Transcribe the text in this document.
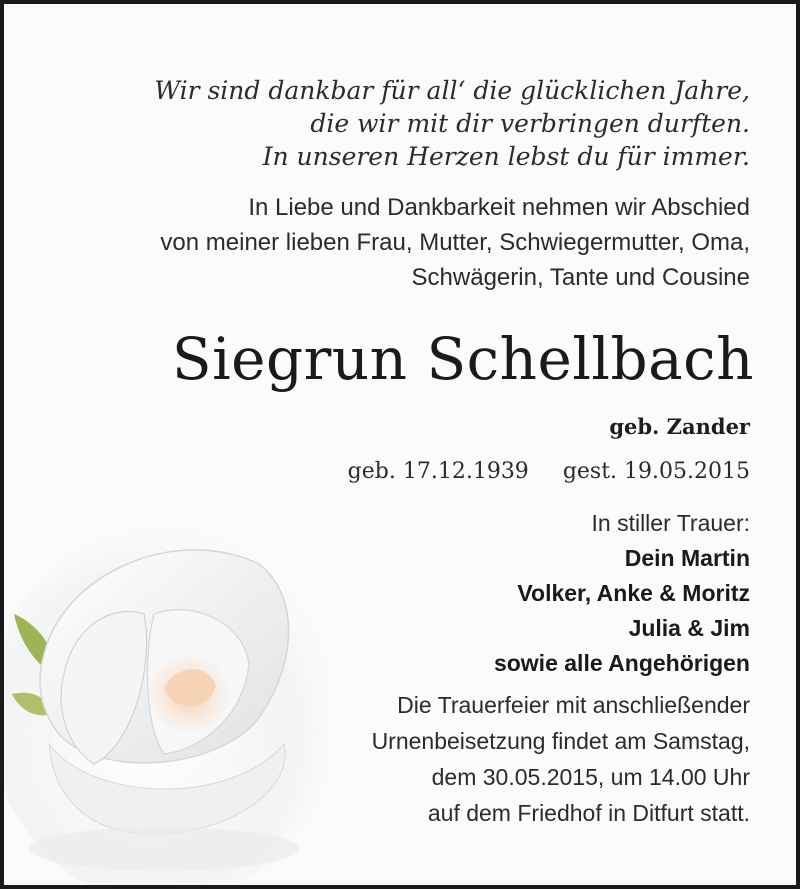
Wir sind dankbar für all‘ die glücklichen Jahre,
die wir mit dir verbringen durften.
In unseren Herzen lebst du für immer.
In Liebe und Dankbarkeit nehmen wir Abschied
von meiner lieben Frau, Mutter, Schwiegermutter, Oma,
Schwägerin, Tante und Cousine
Siegrun Schellbach
geb. Zander
geb. 17.12.1939 gest. 19.05.2015
In stiller Trauer:
Dein Martin
Volker, Anke & Moritz
Julia & Jim
sowie alle Angehörigen
Die Trauerfeier mit anschließender
Urnenbeisetzung findet am Samstag,
dem 30.05.2015, um 14.00 Uhr
auf dem Friedhof in Ditfurt statt.
